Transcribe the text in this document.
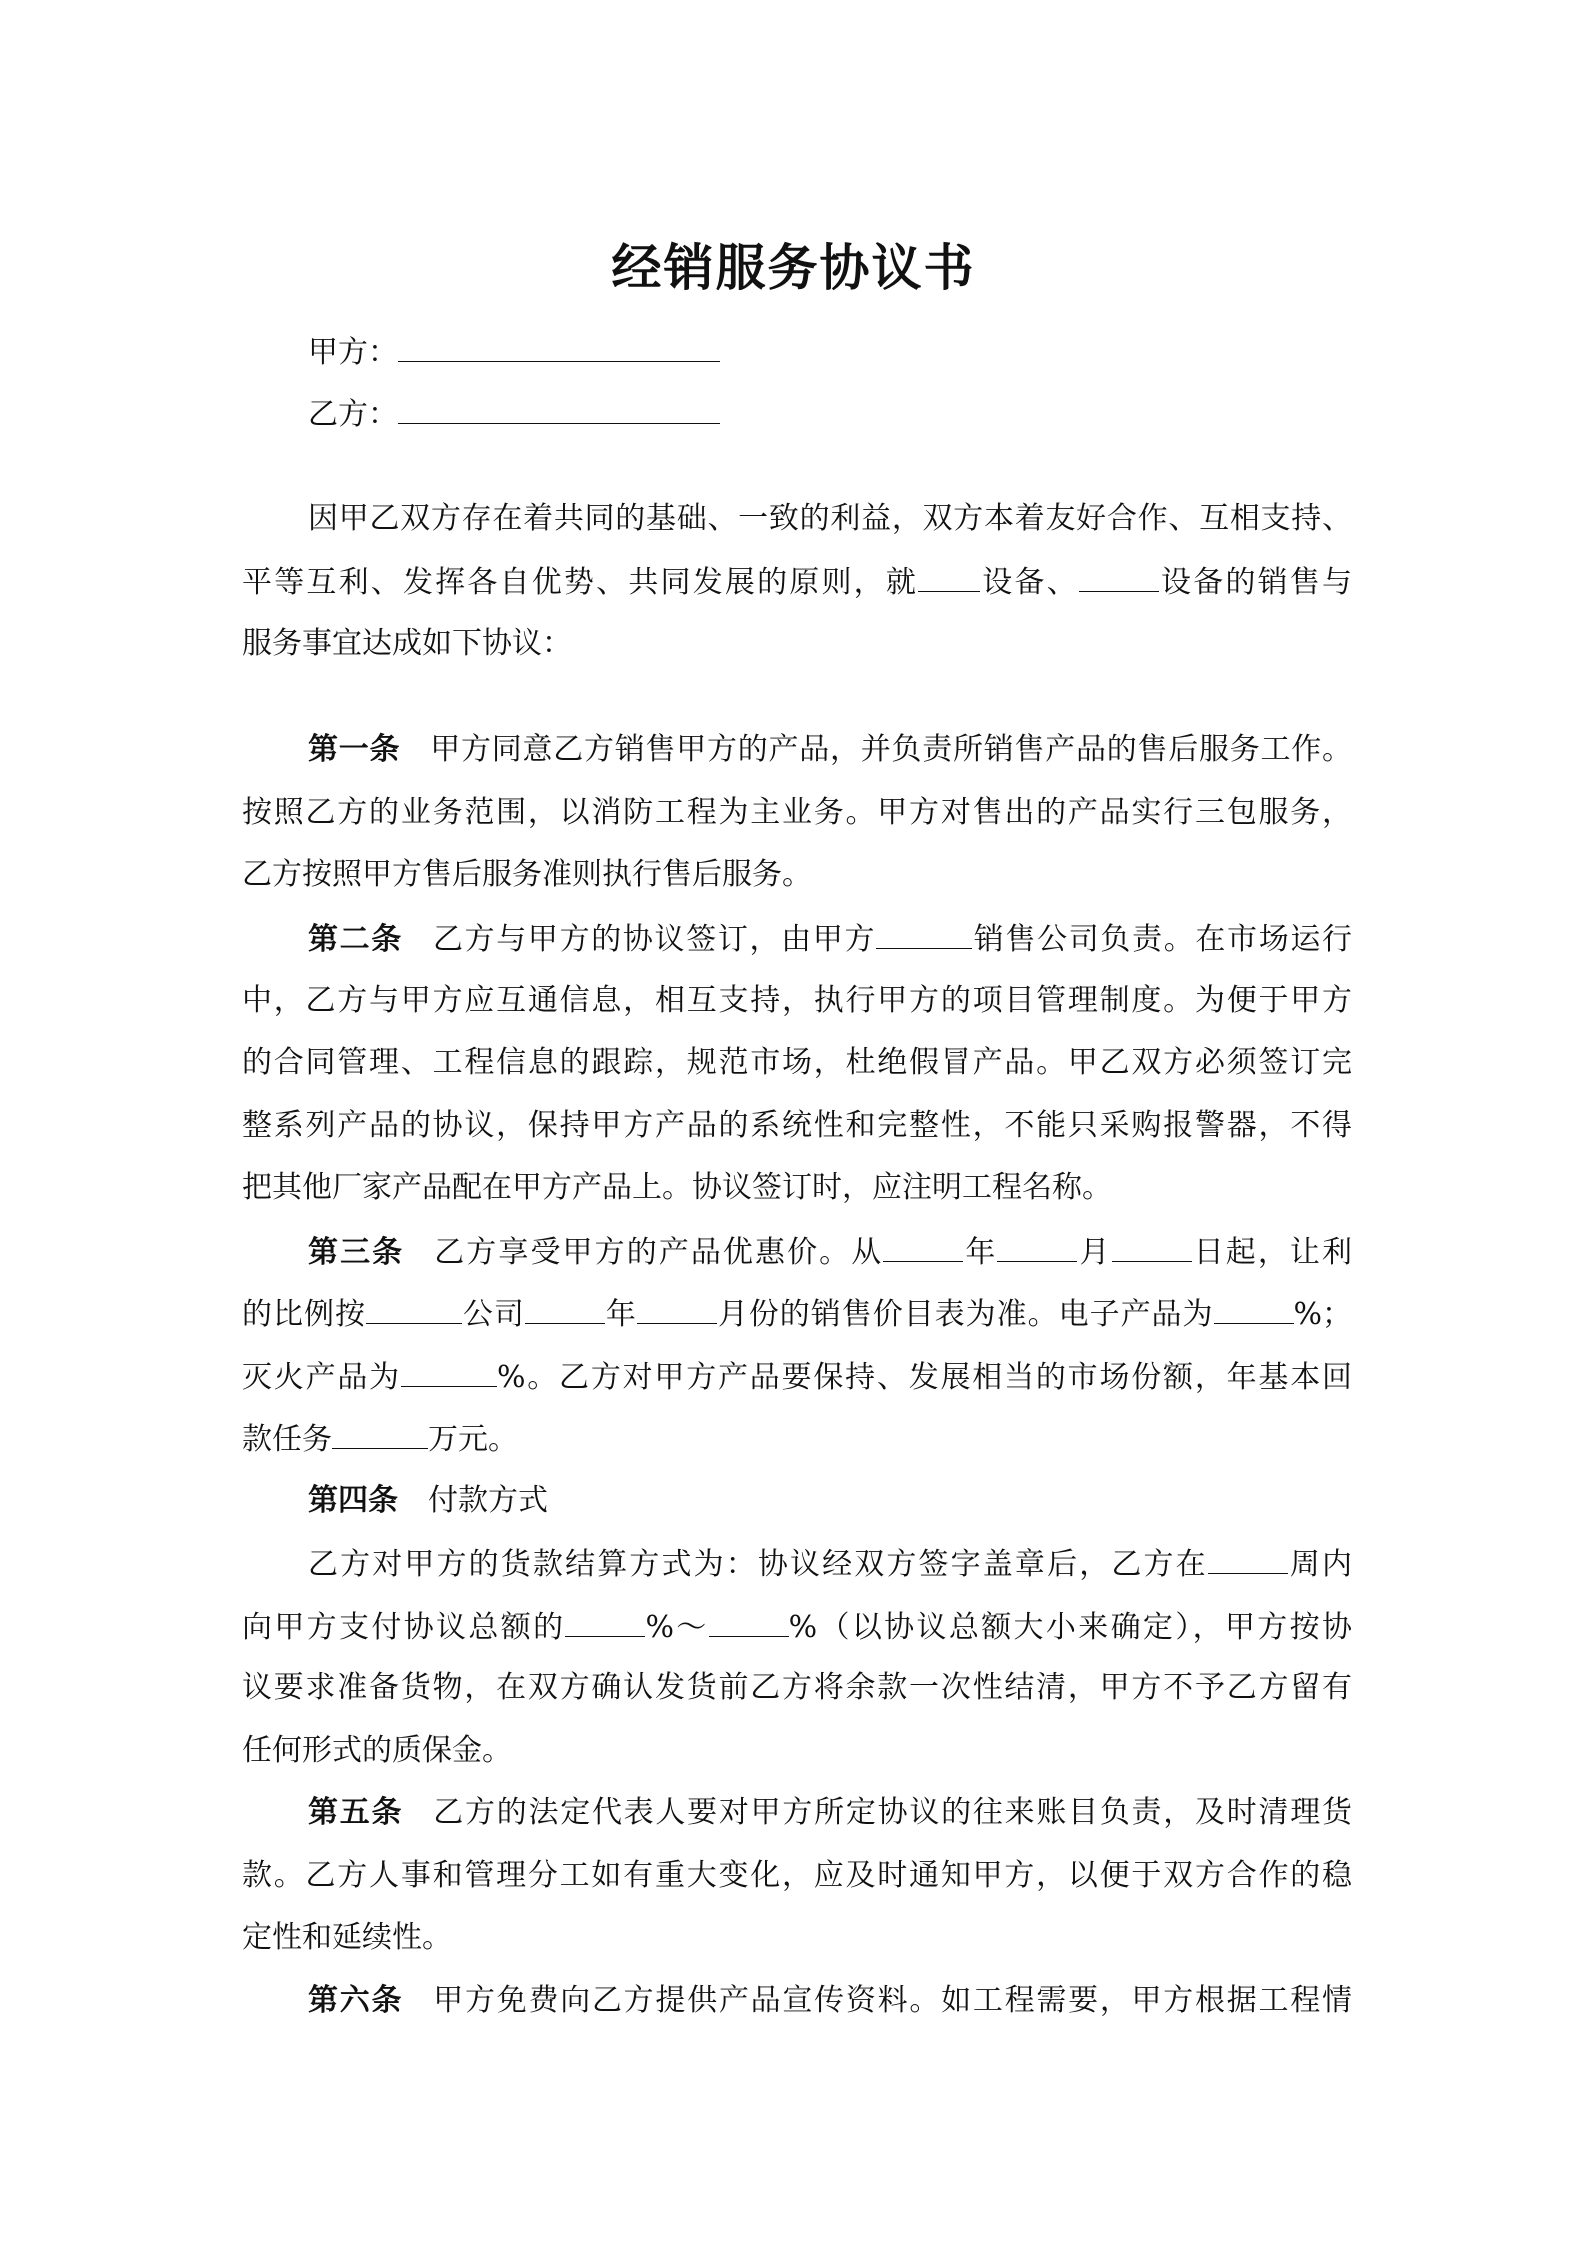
经销服务协议书
甲方：
乙方：
因甲乙双方存在着共同的基础、一致的利益，双方本着友好合作、互相支持、
平等互利、发挥各自优势、共同发展的原则，就 设备、	设备的销售与
服务事宜达成如下协议：
第一条 甲方同意乙方销售甲方的产品，并负责所销售产品的售后服务工作。
按照乙方的业务范围，以消防工程为主业务。甲方对售出的产品实行三包服务，
乙方按照甲方售后服务准则执行售后服务。
第二条 乙方与甲方的协议签订，由甲方	销售公司负责。在市场运行
中，乙方与甲方应互通信息，相互支持，执行甲方的项目管理制度。为便于甲方
的合同管理、工程信息的跟踪，规范市场，杜绝假冒产品。甲乙双方必须签订完
整系列产品的协议，保持甲方产品的系统性和完整性，不能只采购报警器，不得
把其他厂家产品配在甲方产品上。协议签订时，应注明工程名称。
第三条 乙方享受甲方的产品优惠价。从	年	月	日起，让利
的比例按	公司	年	月份的销售价目表为准。电子产品为	%；
灭火产品为	%。乙方对甲方产品要保持、发展相当的市场份额，年基本回
款任务	万元。
第四条 付款方式
乙方对甲方的货款结算方式为：协议经双方签字盖章后，乙方在	周内
向甲方支付协议总额的	%～	%（以协议总额大小来确定），甲方按协
议要求准备货物，在双方确认发货前乙方将余款一次性结清，甲方不予乙方留有
任何形式的质保金。
第五条 乙方的法定代表人要对甲方所定协议的往来账目负责，及时清理货
款。乙方人事和管理分工如有重大变化，应及时通知甲方，以便于双方合作的稳
定性和延续性。
第六条 甲方免费向乙方提供产品宣传资料。如工程需要，甲方根据工程情
